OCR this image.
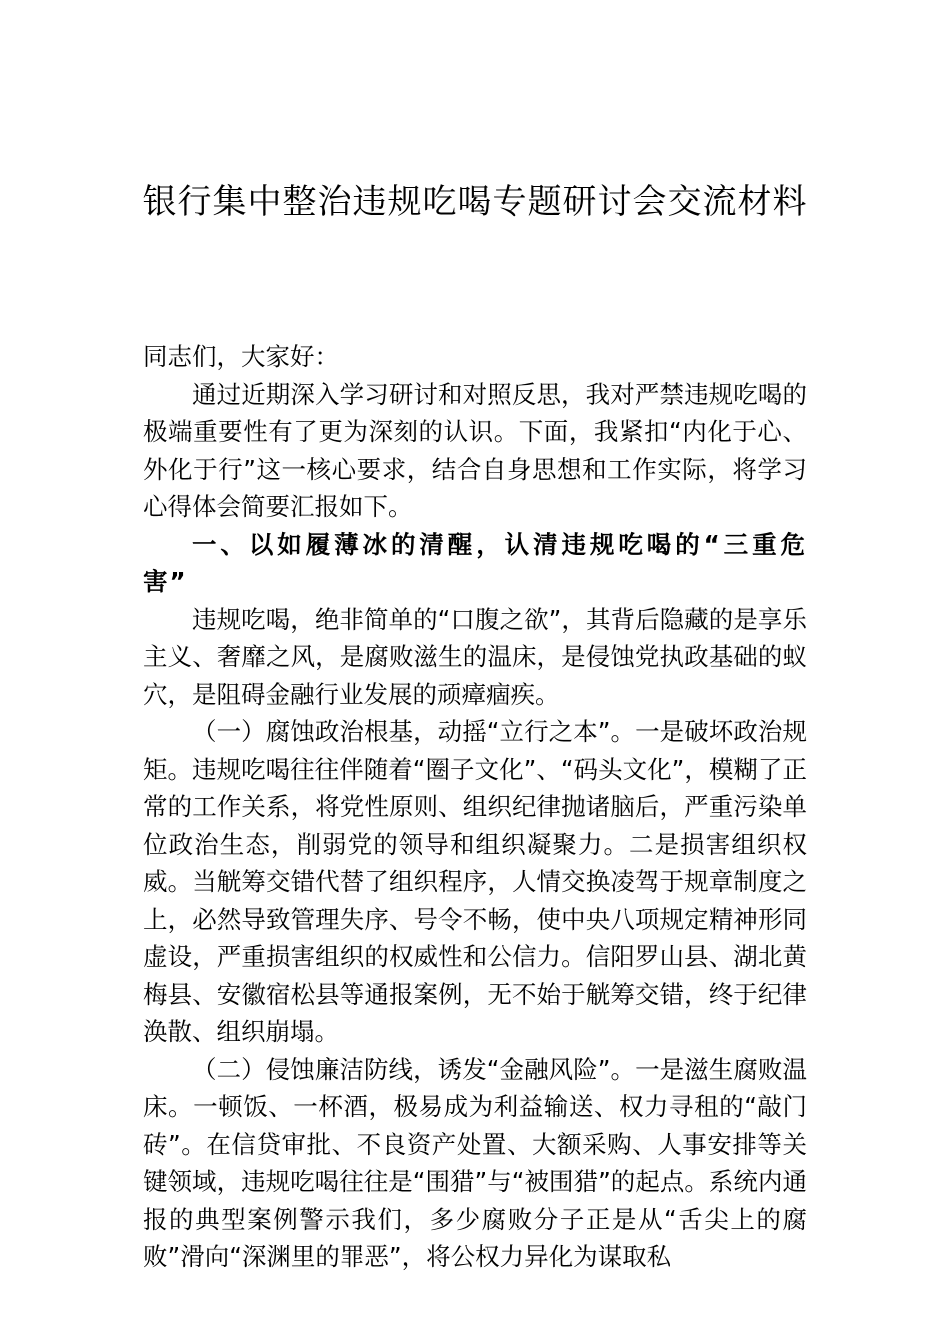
银行集中整治违规吃喝专题研讨会交流材料

同志们，大家好：

通过近期深入学习研讨和对照反思，我对严禁违规吃喝的极端重要性有了更为深刻的认识。下面，我紧扣“内化于心、外化于行”这一核心要求，结合自身思想和工作实际，将学习心得体会简要汇报如下。

一、以如履薄冰的清醒，认清违规吃喝的“三重危害”

违规吃喝，绝非简单的“口腹之欲”，其背后隐藏的是享乐主义、奢靡之风，是腐败滋生的温床，是侵蚀党执政基础的蚁穴，是阻碍金融行业发展的顽瘴痼疾。

（一）腐蚀政治根基，动摇“立行之本”。一是破坏政治规矩。违规吃喝往往伴随着“圈子文化”、“码头文化”，模糊了正常的工作关系，将党性原则、组织纪律抛诸脑后，严重污染单位政治生态，削弱党的领导和组织凝聚力。二是损害组织权威。当觥筹交错代替了组织程序，人情交换凌驾于规章制度之上，必然导致管理失序、号令不畅，使中央八项规定精神形同虚设，严重损害组织的权威性和公信力。信阳罗山县、湖北黄梅县、安徽宿松县等通报案例，无不始于觥筹交错，终于纪律涣散、组织崩塌。

（二）侵蚀廉洁防线，诱发“金融风险”。一是滋生腐败温床。一顿饭、一杯酒，极易成为利益输送、权力寻租的“敲门砖”。在信贷审批、不良资产处置、大额采购、人事安排等关键领域，违规吃喝往往是“围猎”与“被围猎”的起点。系统内通报的典型案例警示我们，多少腐败分子正是从“舌尖上的腐败”滑向“深渊里的罪恶”，将公权力异化为谋取私
